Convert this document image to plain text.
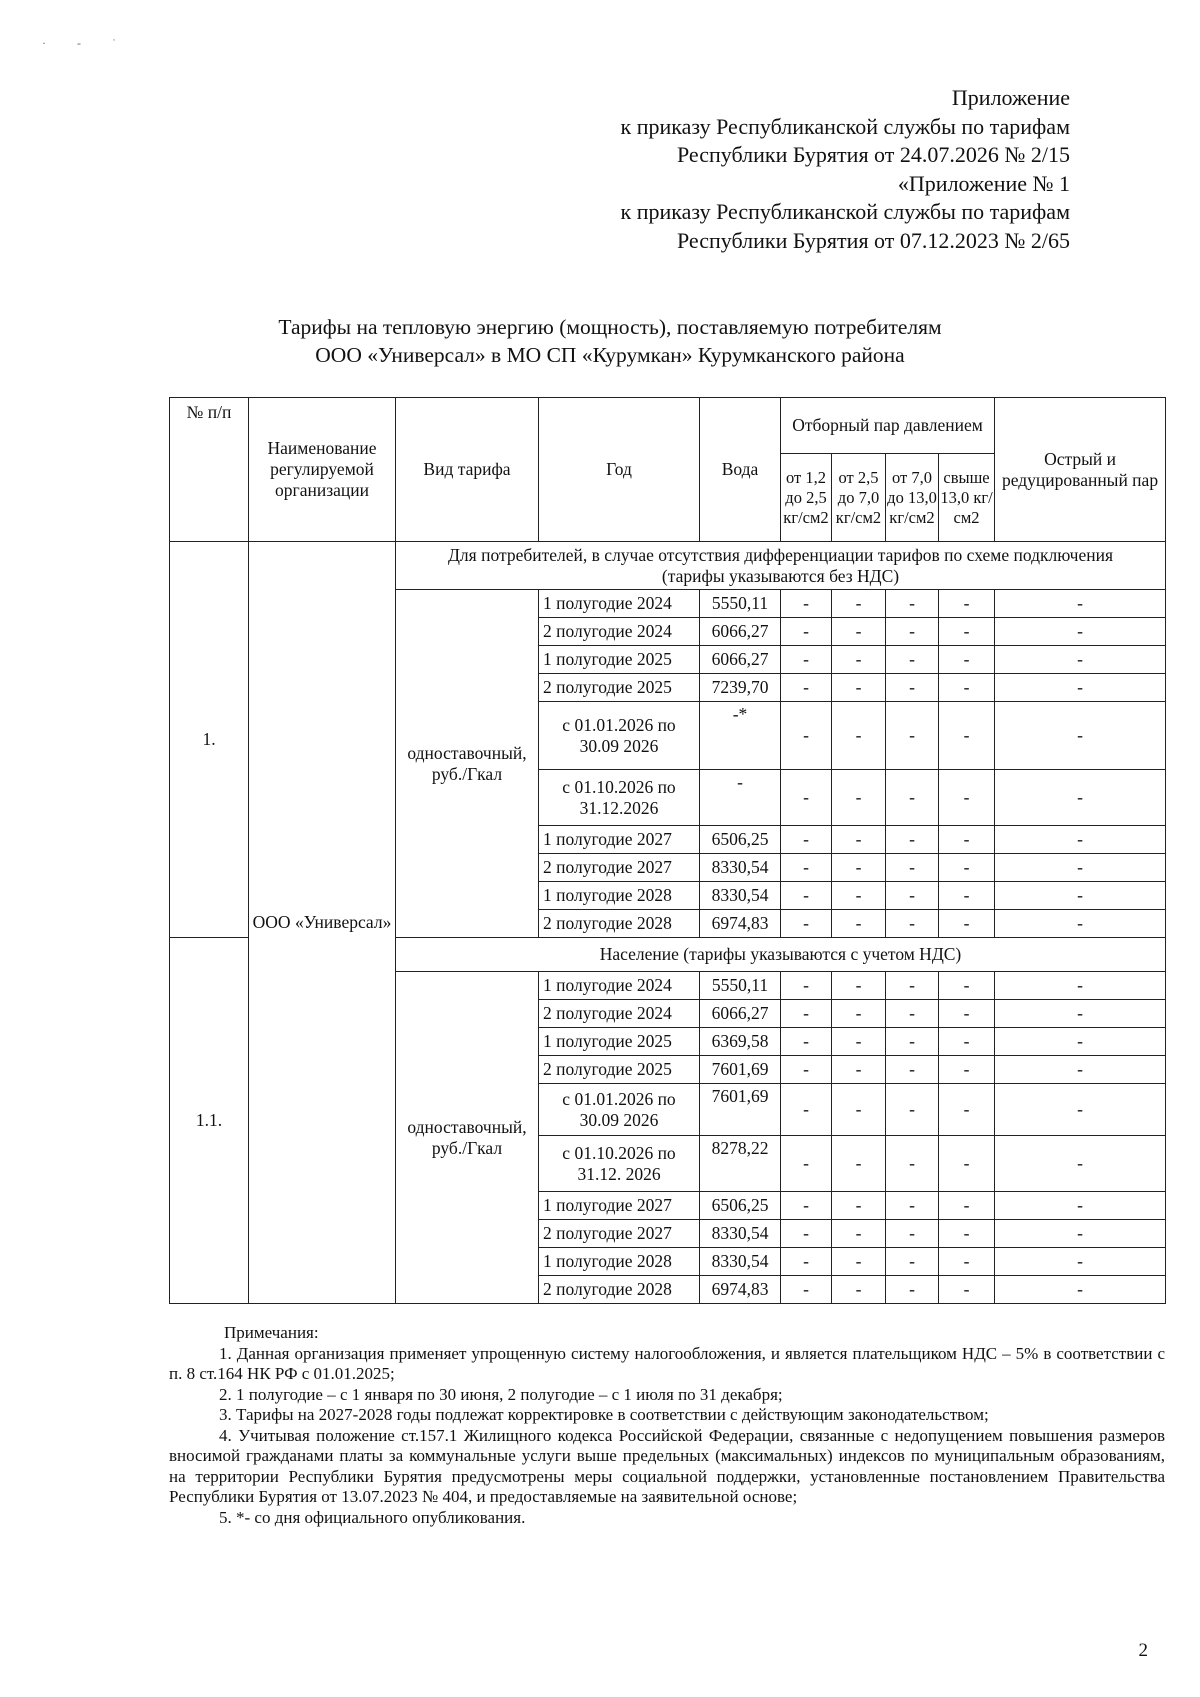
· - ˙
Приложение
к приказу Республиканской службы по тарифам
Республики Бурятия от 24.07.2026 № 2/15
«Приложение № 1
к приказу Республиканской службы по тарифам
Республики Бурятия от 07.12.2023 № 2/65
Тарифы на тепловую энергию (мощность), поставляемую потребителям
ООО «Универсал» в МО СП «Курумкан» Курумканского района
№ п/п	Наименование регулируемой организации	Вид тарифа	Год	Вода	Отборный пар давлением				Острый и редуцированный пар
					от 1,2 до 2,5 кг/см2	от 2,5 до 7,0 кг/см2	от 7,0 до 13,0 кг/см2	свыше 13,0 кг/см2	
1.	ООО «Универсал»	Для потребителей, в случае отсутствия дифференциации тарифов по схеме подключения (тарифы указываются без НДС)							
		одноставочный, руб./Гкал	1 полугодие 2024	5550,11	-	-	-	-	-
			2 полугодие 2024	6066,27	-	-	-	-	-
			1 полугодие 2025	6066,27	-	-	-	-	-
			2 полугодие 2025	7239,70	-	-	-	-	-
			с 01.01.2026 по 30.09 2026	-*	-	-	-	-	-
			с 01.10.2026 по 31.12.2026	-	-	-	-	-	-
			1 полугодие 2027	6506,25	-	-	-	-	-
			2 полугодие 2027	8330,54	-	-	-	-	-
			1 полугодие 2028	8330,54	-	-	-	-	-
			2 полугодие 2028	6974,83	-	-	-	-	-
1.1.		Население (тарифы указываются с учетом НДС)							
		одноставочный, руб./Гкал	1 полугодие 2024	5550,11	-	-	-	-	-
			2 полугодие 2024	6066,27	-	-	-	-	-
			1 полугодие 2025	6369,58	-	-	-	-	-
			2 полугодие 2025	7601,69	-	-	-	-	-
			с 01.01.2026 по 30.09 2026	7601,69	-	-	-	-	-
			с 01.10.2026 по 31.12. 2026	8278,22	-	-	-	-	-
			1 полугодие 2027	6506,25	-	-	-	-	-
			2 полугодие 2027	8330,54	-	-	-	-	-
			1 полугодие 2028	8330,54	-	-	-	-	-
			2 полугодие 2028	6974,83	-	-	-	-	-

Примечания:

1. Данная организация применяет упрощенную систему налогообложения, и является плательщиком НДС – 5% в соответствии с п. 8 ст.164 НК РФ с 01.01.2025;

2. 1 полугодие – с 1 января по 30 июня, 2 полугодие – с 1 июля по 31 декабря;

3. Тарифы на 2027-2028 годы подлежат корректировке в соответствии с действующим законодательством;

4. Учитывая положение ст.157.1 Жилищного кодекса Российской Федерации, связанные с недопущением повышения размеров вносимой гражданами платы за коммунальные услуги выше предельных (максимальных) индексов по муниципальным образованиям, на территории Республики Бурятия предусмотрены меры социальной поддержки, установленные постановлением Правительства Республики Бурятия от 13.07.2023 № 404, и предоставляемые на заявительной основе;

5. *- со дня официального опубликования.

2
